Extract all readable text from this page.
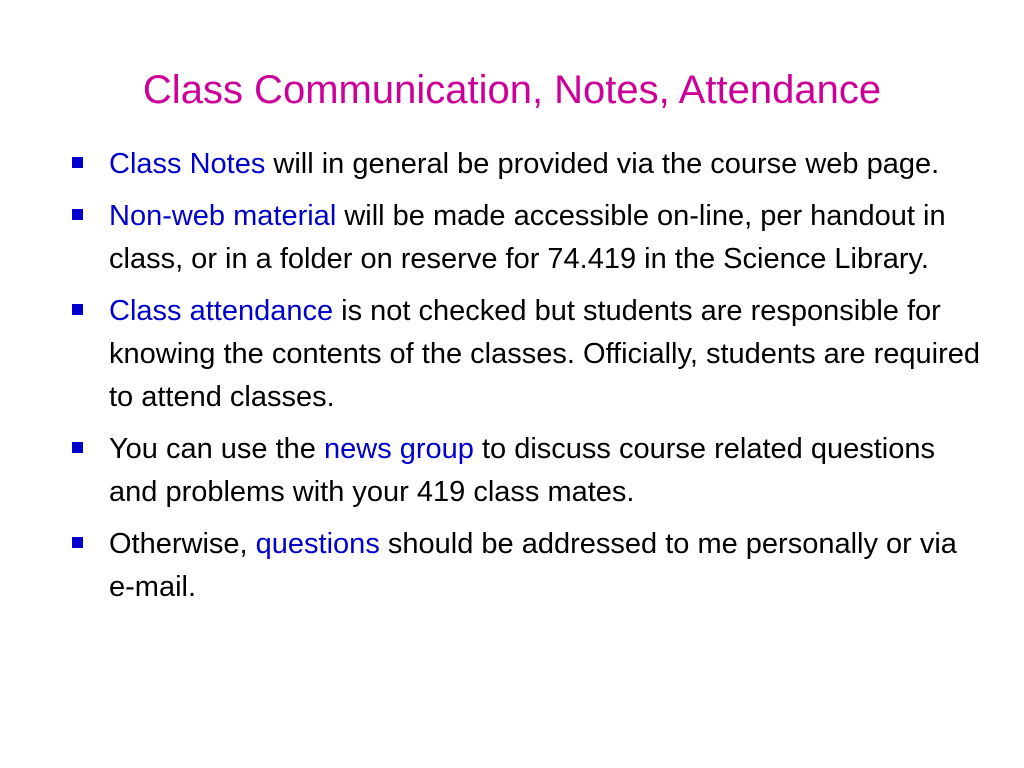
Class Communication, Notes, Attendance
Class Notes will in general be provided via the course web page.
Non-web material will be made accessible on-line, per handout in class, or in a folder on reserve for 74.419 in the Science Library.
Class attendance is not checked but students are responsible for knowing the contents of the classes. Officially, students are required to attend classes.
You can use the news group to discuss course related questions and problems with your 419 class mates.
Otherwise, questions should be addressed to me personally or via e-mail.
